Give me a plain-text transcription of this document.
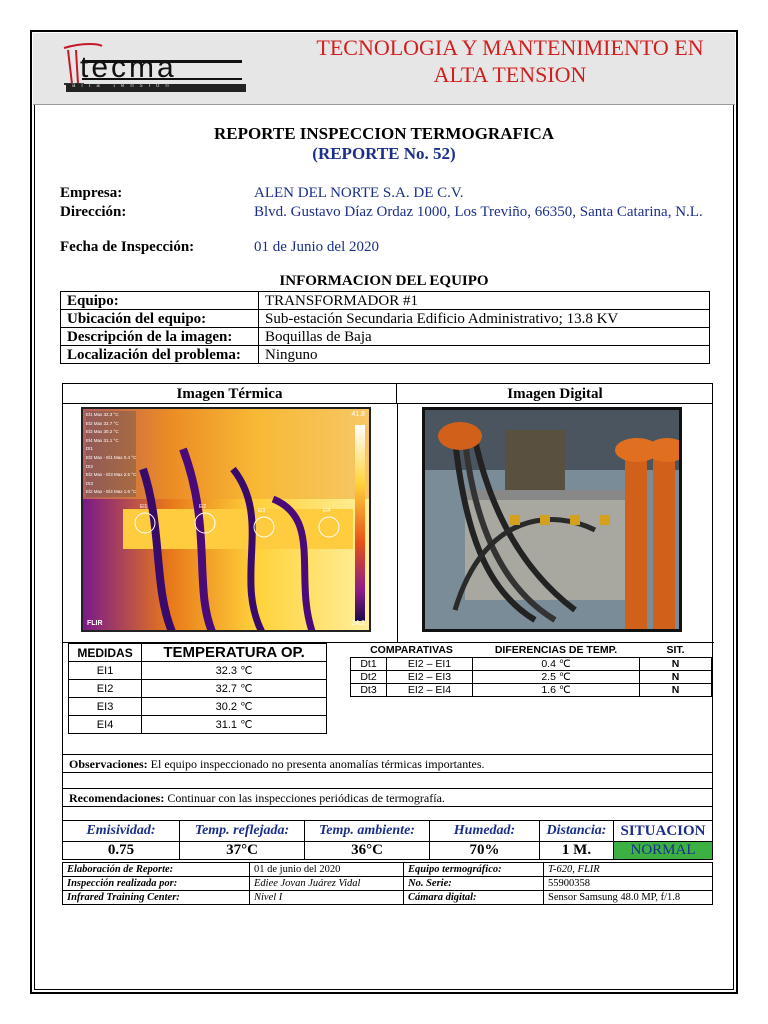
tecma
alta tensión
TECNOLOGIA Y MANTENIMIENTO EN ALTA TENSION
REPORTE INSPECCION TERMOGRAFICA
(REPORTE No. 52)
Empresa:	ALEN DEL NORTE S.A. DE C.V.
Dirección:	Blvd. Gustavo Díaz Ordaz 1000, Los Treviño, 66350, Santa Catarina, N.L.
Fecha de Inspección:	01 de Junio del 2020
INFORMACION DEL EQUIPO
Equipo:	TRANSFORMADOR #1
Ubicación del equipo:	Sub-estación Secundaria Edificio Administrativo; 13.8 KV
Descripción de la imagen:	Boquillas de Baja
Localización del problema:	Ninguno
Imagen Térmica	Imagen Digital
El1 Max 32.3 °C
El2 Max 32.7 °C
El3 Max 30.2 °C
El4 Max 31.1 °C
Dt1
El2 Max - El1 Max 0.4 °C
Dt2
El2 Max - El3 Max 2.5 °C
Dt3
El2 Max - El4 Max 1.6 °C
El1	El2
El3	El4
41.8
24.2
FLIR
MEDIDAS	TEMPERATURA OP.
EI1	32.3 ℃
EI2	32.7 ℃
EI3	30.2 ℃
EI4	31.1 ℃
COMPARATIVAS		DIFERENCIAS DE TEMP.	SIT.
Dt1	EI2 – EI1	0.4 ℃	N
Dt2	EI2 – EI3	2.5 ℃	N
Dt3	EI2 – EI4	1.6 ℃	N
Observaciones: El equipo inspeccionado no presenta anomalías térmicas importantes.
Recomendaciones: Continuar con las inspecciones periódicas de termografía.
Emisividad:	Temp. reflejada:	Temp. ambiente:	Humedad:	Distancia:	SITUACION
0.75	37°C	36°C	70%	1 M.	NORMAL
Elaboración de Reporte:	01 de junio del 2020	Equipo termográfico:	T-620, FLIR
Inspección realizada por:	Ediee Jovan Juárez Vidal	No. Serie:	55900358
Infrared Training Center:	Nivel I	Cámara digital:	Sensor Samsung 48.0 MP, f/1.8
